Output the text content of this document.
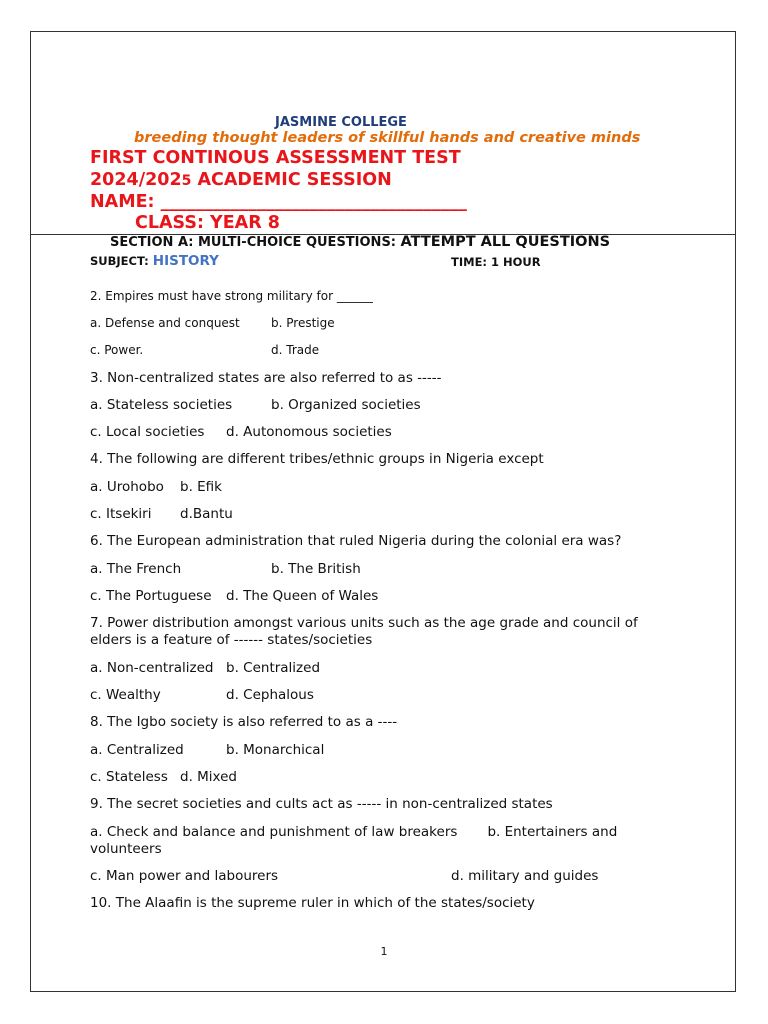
JASMINE COLLEGE
breeding thought leaders of skillful hands and creative minds
FIRST CONTINOUS ASSESSMENT TEST
2024/2025 ACADEMIC SESSION
NAME: ___________________________________
CLASS: YEAR 8
SECTION A: MULTI-CHOICE QUESTIONS: ATTEMPT ALL QUESTIONS
SUBJECT: HISTORY	TIME: 1 HOUR
2. Empires must have strong military for ______
a. Defense and conquest	b. Prestige
c. Power.	d. Trade
3. Non-centralized states are also referred to as -----
a. Stateless societies	b. Organized societies
c. Local societies d. Autonomous societies
4. The following are different tribes/ethnic groups in Nigeria except
a. Urohobo b. Efik
c. Itsekiri d.Bantu
6. The European administration that ruled Nigeria during the colonial era was?
a. The French	b. The British
c. The Portuguese d. The Queen of Wales
7. Power distribution amongst various units such as the age grade and council of elders is a feature of ------ states/societies
a. Non-centralized b. Centralized
c. Wealthy	d. Cephalous
8. The Igbo society is also referred to as a ----
a. Centralized	b. Monarchical
c. Stateless d. Mixed
9. The secret societies and cults act as ----- in non-centralized states
a. Check and balance and punishment of law breakers       b. Entertainers and volunteers
c. Man power and labourers	d. military and guides
10. The Alaafin is the supreme ruler in which of the states/society
1
